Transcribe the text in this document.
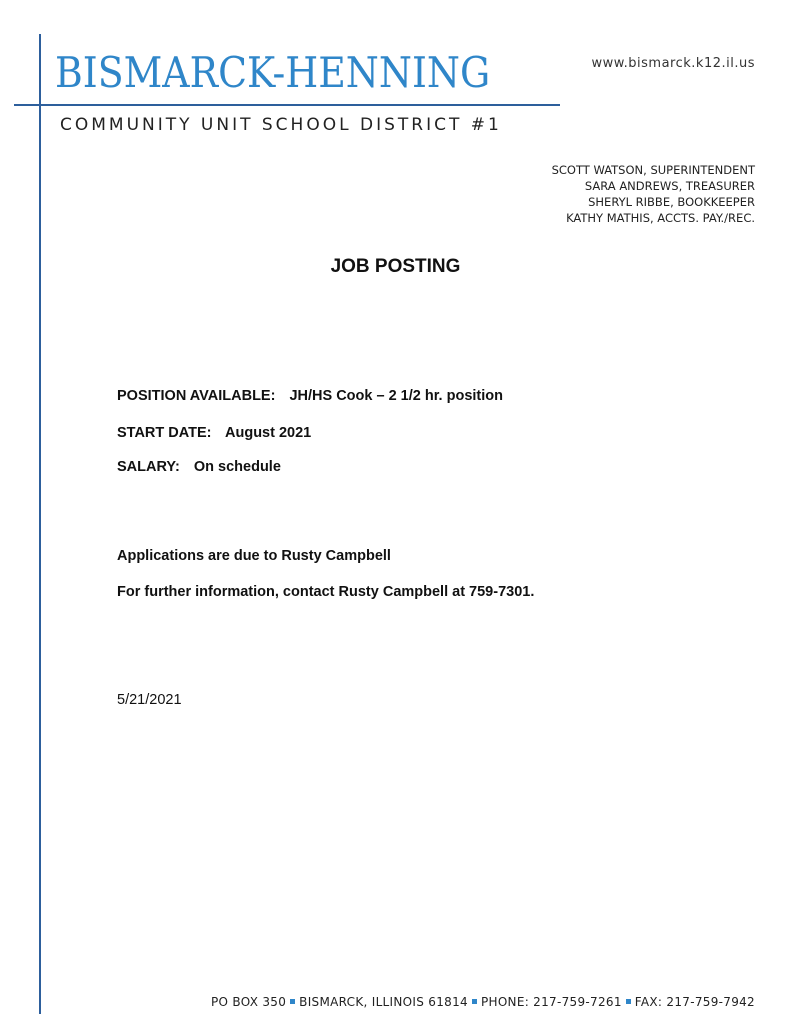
BISMARCK-HENNING
COMMUNITY UNIT SCHOOL DISTRICT #1
www.bismarck.k12.il.us
SCOTT WATSON, SUPERINTENDENT
SARA ANDREWS, TREASURER
SHERYL RIBBE, BOOKKEEPER
KATHY MATHIS, ACCTS. PAY./REC.
JOB POSTING
POSITION AVAILABLE: JH/HS Cook – 2 1/2 hr. position
START DATE: August 2021
SALARY: On schedule
Applications are due to Rusty Campbell
For further information, contact Rusty Campbell at 759-7301.
5/21/2021
PO BOX 350 BISMARCK, ILLINOIS 61814 PHONE: 217-759-7261 FAX: 217-759-7942
